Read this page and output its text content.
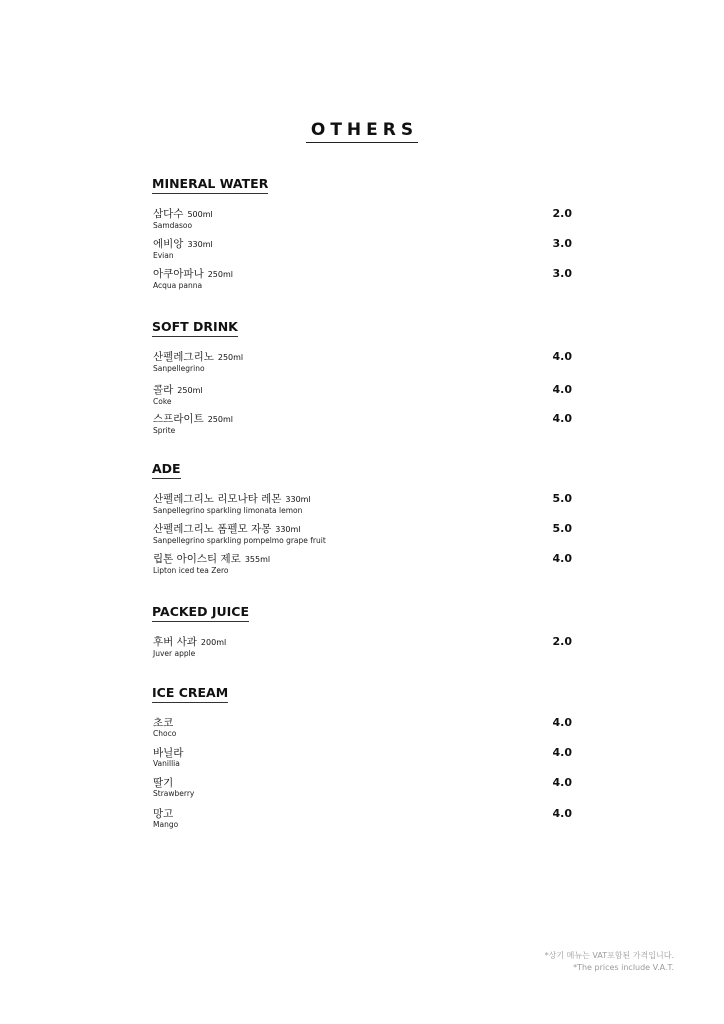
OTHERS
MINERAL WATER
삼다수 500ml
Samdasoo
2.0
에비앙 330ml
Evian
3.0
아쿠아파나 250ml
Acqua panna
3.0
SOFT DRINK
산펠레그리노 250ml
Sanpellegrino
4.0
콜라 250ml
Coke
4.0
스프라이트 250ml
Sprite
4.0
ADE
산펠레그리노 리모나타 레몬 330ml
Sanpellegrino sparkling limonata lemon
5.0
산펠레그리노 폼펠모 자몽 330ml
Sanpellegrino sparkling pompelmo grape fruit
5.0
립톤 아이스티 제로 355ml
Lipton iced tea Zero
4.0
PACKED JUICE
후버 사과 200ml
Juver apple
2.0
ICE CREAM
초코
Choco
4.0
바닐라
Vanillia
4.0
딸기
Strawberry
4.0
망고
Mango
4.0
*상기 메뉴는 VAT포함된 가격입니다.
*The prices include V.A.T.
